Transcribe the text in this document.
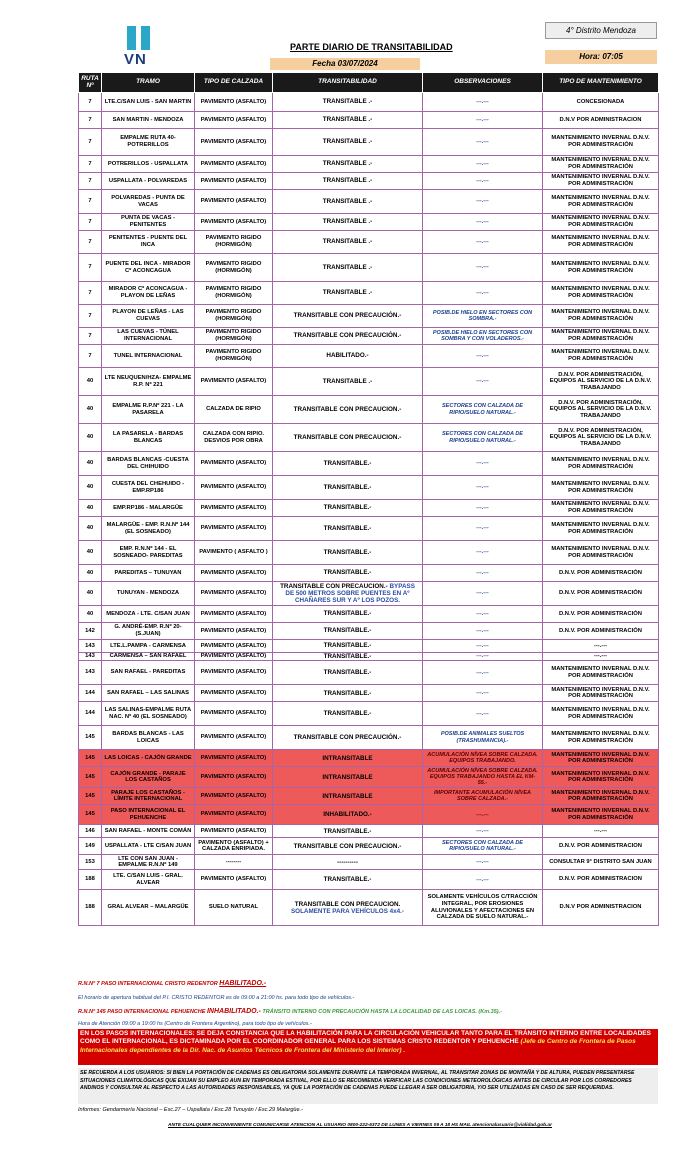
VN
PARTE DIARIO DE TRANSITABILIDAD
4° Distrito Mendoza
Hora: 07:05
Fecha 03/07/2024
RUTA Nº	TRAMO	TIPO DE CALZADA	TRANSITABILIDAD	OBSERVACIONES	TIPO DE MANTENIMIENTO
7	LTE.C/SAN LUIS - SAN MARTIN	PAVIMENTO (ASFALTO)	TRANSITABLE .-	---.---	CONCESIONADA
7	SAN MARTIN - MENDOZA	PAVIMENTO (ASFALTO)	TRANSITABLE .-	---.---	D.N.V POR ADMINISTRACION
7	EMPALME RUTA 40- POTRERILLOS	PAVIMENTO (ASFALTO)	TRANSITABLE .-	---.---	MANTENIMIENTO INVERNAL D.N.V. POR ADMINISTRACIÓN
7	POTRERILLOS - USPALLATA	PAVIMENTO (ASFALTO)	TRANSITABLE .-	---.---	MANTENIMIENTO INVERNAL D.N.V. POR ADMINISTRACIÓN
7	USPALLATA - POLVAREDAS	PAVIMENTO (ASFALTO)	TRANSITABLE .-	---.---	MANTENIMIENTO INVERNAL D.N.V. POR ADMINISTRACIÓN
7	POLVAREDAS - PUNTA DE VACAS	PAVIMENTO (ASFALTO)	TRANSITABLE .-	---.---	MANTENIMIENTO INVERNAL D.N.V. POR ADMINISTRACIÓN
7	PUNTA DE VACAS - PENITENTES	PAVIMENTO (ASFALTO)	TRANSITABLE .-	---.---	MANTENIMIENTO INVERNAL D.N.V. POR ADMINISTRACIÓN
7	PENITENTES - PUENTE DEL INCA	PAVIMENTO RIGIDO (HORMIGÓN)	TRANSITABLE .-	---.---	MANTENIMIENTO INVERNAL D.N.V. POR ADMINISTRACIÓN
7	PUENTE DEL INCA - MIRADOR Cº ACONCAGUA	PAVIMENTO RIGIDO (HORMIGÓN)	TRANSITABLE .-	---.---	MANTENIMIENTO INVERNAL D.N.V. POR ADMINISTRACIÓN
7	MIRADOR Cº ACONCAGUA - PLAYON DE LEÑAS	PAVIMENTO RIGIDO (HORMIGÓN)	TRANSITABLE .-	---.---	MANTENIMIENTO INVERNAL D.N.V. POR ADMINISTRACIÓN
7	PLAYON DE LEÑAS - LAS CUEVAS	PAVIMENTO RIGIDO (HORMIGÓN)	TRANSITABLE CON PRECAUCIÓN.-	POSIB.DE HIELO EN SECTORES CON SOMBRA.-	MANTENIMIENTO INVERNAL D.N.V. POR ADMINISTRACIÓN
7	LAS CUEVAS - TÚNEL INTERNACIONAL	PAVIMENTO RIGIDO (HORMIGÓN)	TRANSITABLE CON PRECAUCIÓN.-	POSIB.DE HIELO EN SECTORES CON SOMBRA Y CON VOLADEROS.-	MANTENIMIENTO INVERNAL D.N.V. POR ADMINISTRACIÓN
7	TUNEL INTERNACIONAL	PAVIMENTO RIGIDO (HORMIGÓN)	HABILITADO.-	---.---	MANTENIMIENTO INVERNAL D.N.V. POR ADMINISTRACIÓN
40	LTE NEUQUEN/HZA- EMPALME R.P. Nº 221	PAVIMENTO (ASFALTO)	TRANSITABLE .-	---.---	D.N.V. POR ADMINISTRACIÓN, EQUIPOS AL SERVICIO DE LA D.N.V. TRABAJANDO
40	EMPALME R.P.Nº 221 - LA PASARELA	CALZADA DE RIPIO	TRANSITABLE CON PRECAUCION.-	SECTORES CON CALZADA DE RIPIO/SUELO NATURAL.-	D.N.V. POR ADMINISTRACIÓN, EQUIPOS AL SERVICIO DE LA D.N.V. TRABAJANDO
40	LA PASARELA - BARDAS BLANCAS	CALZADA CON RIPIO. DESVIOS POR OBRA	TRANSITABLE CON PRECAUCION.-	SECTORES CON CALZADA DE RIPIO/SUELO NATURAL.-	D.N.V. POR ADMINISTRACIÓN, EQUIPOS AL SERVICIO DE LA D.N.V. TRABAJANDO
40	BARDAS BLANCAS -CUESTA DEL CHIHUIDO	PAVIMENTO (ASFALTO)	TRANSITABLE.-	---.---	MANTENIMIENTO INVERNAL D.N.V. POR ADMINISTRACIÓN
40	CUESTA DEL CHEHUIDO - EMP.RP186	PAVIMENTO (ASFALTO)	TRANSITABLE.-	---.---	MANTENIMIENTO INVERNAL D.N.V. POR ADMINISTRACIÓN
40	EMP.RP186 - MALARGÜE	PAVIMENTO (ASFALTO)	TRANSITABLE.-	---.---	MANTENIMIENTO INVERNAL D.N.V. POR ADMINISTRACIÓN
40	MALARGÜE - EMP. R.N.Nº 144 (EL SOSNEADO)	PAVIMENTO (ASFALTO)	TRANSITABLE.-	---.---	MANTENIMIENTO INVERNAL D.N.V. POR ADMINISTRACIÓN
40	EMP. R.N.Nº 144 - EL SOSNEADO- PAREDITAS	PAVIMENTO ( ASFALTO )	TRANSITABLE.-	---.---	MANTENIMIENTO INVERNAL D.N.V. POR ADMINISTRACIÓN
40	PAREDITAS – TUNUYAN	PAVIMENTO (ASFALTO)	TRANSITABLE.-	---.---	D.N.V. POR ADMINISTRACIÓN
40	TUNUYAN - MENDOZA	PAVIMENTO (ASFALTO)	TRANSITABLE CON PRECAUCION.- BYPASS DE 500 METROS SOBRE PUENTES EN Aº CHAÑARES SUR Y Aº LOS POZOS.	---.---	D.N.V. POR ADMINISTRACIÓN
40	MENDOZA - LTE. C/SAN JUAN	PAVIMENTO (ASFALTO)	TRANSITABLE.-	---.---	D.N.V. POR ADMINISTRACIÓN
142	G. ANDRÉ-EMP. R.Nº 20- (S.JUAN)	PAVIMENTO (ASFALTO)	TRANSITABLE.-	---.---	D.N.V. POR ADMINISTRACIÓN
143	LTE.L.PAMPA - CARMENSA	PAVIMENTO (ASFALTO)	TRANSITABLE.-	---.---	---.---
143	CARMENSA – SAN RAFAEL	PAVIMENTO (ASFALTO)	TRANSITABLE.-	---.---	---.---
143	SAN RAFAEL - PAREDITAS	PAVIMENTO (ASFALTO)	TRANSITABLE.-	---.---	MANTENIMIENTO INVERNAL D.N.V. POR ADMINISTRACIÓN
144	SAN RAFAEL – LAS SALINAS	PAVIMENTO (ASFALTO)	TRANSITABLE.-	---.---	MANTENIMIENTO INVERNAL D.N.V. POR ADMINISTRACIÓN
144	LAS SALINAS-EMPALME RUTA NAC. Nº 40 (EL SOSNEADO)	PAVIMENTO (ASFALTO)	TRANSITABLE.-	---.---	MANTENIMIENTO INVERNAL D.N.V. POR ADMINISTRACIÓN
145	BARDAS BLANCAS - LAS LOICAS	PAVIMENTO (ASFALTO)	TRANSITABLE CON PRECAUCIÓN.-	POSIB.DE ANIMALES SUELTOS (TRASHUMANCIA).-	MANTENIMIENTO INVERNAL D.N.V. POR ADMINISTRACIÓN
145	LAS LOICAS - CAJÓN GRANDE	PAVIMENTO (ASFALTO)	INTRANSITABLE	ACUMULACIÓN NÍVEA SOBRE CALZADA. EQUIPOS TRABAJANDO.	MANTENIMIENTO INVERNAL D.N.V. POR ADMINISTRACIÓN
145	CAJÓN GRANDE - PARAJE LOS CASTAÑOS	PAVIMENTO (ASFALTO)	INTRANSITABLE	ACUMULACIÓN NÍVEA SOBRE CALZADA. EQUIPOS TRABAJANDO HASTA EL KM- 55.-	MANTENIMIENTO INVERNAL D.N.V. POR ADMINISTRACIÓN
145	PARAJE LOS CASTAÑOS - LÍMITE INTERNACIONAL	PAVIMENTO (ASFALTO)	INTRANSITABLE	IMPORTANTE ACUMULACIÓN NÍVEA SOBRE CALZADA.-	MANTENIMIENTO INVERNAL D.N.V. POR ADMINISTRACIÓN
145	PASO INTERNACIONAL EL PEHUENCHE	PAVIMENTO (ASFALTO)	INHABILITADO.-	---.---	MANTENIMIENTO INVERNAL D.N.V. POR ADMINISTRACIÓN
146	SAN RAFAEL - MONTE COMÁN	PAVIMENTO (ASFALTO)	TRANSITABLE.-	---.---	---.---
149	USPALLATA - LTE C/SAN JUAN	PAVIMENTO (ASFALTO) + CALZADA ENRIPIADA.	TRANSITABLE CON PRECAUCION.-	SECTORES CON CALZADA DE RIPIO/SUELO NATURAL.-	D.N.V. POR ADMINISTRACION
153	LTE CON SAN JUAN - EMPALME R.N.Nº 149	--------	----------	---.---	CONSULTAR 9° DISTRITO SAN JUAN
188	LTE. C/SAN LUIS - GRAL. ALVEAR	PAVIMENTO (ASFALTO)	TRANSITABLE.-	---.---	D.N.V. POR ADMINISTRACION
188	GRAL ALVEAR – MALARGÜE	SUELO NATURAL	TRANSITABLE CON PRECAUCION. SOLAMENTE PARA VEHÍCULOS 4x4.-	SOLAMENTE VEHÍCULOS C/TRACCIÓN INTEGRAL, POR EROSIONES ALUVIONALES Y AFECTACIONES EN CALZADA DE SUELO NATURAL.-	D.N.V POR ADMINISTRACION
R.N.Nº 7 PASO INTERNACIONAL CRISTO REDENTOR HABILITADO.-
El horario de apertura habitual del P.I. CRISTO REDENTOR es de 09:00 a 21:00 hs. para todo tipo de vehículos.-
R.N.Nº 145 PASO INTERNACIONAL PEHUENCHE INHABILITADO.- TRÁNSITO INTERNO CON PRECAUCIÓN HASTA LA LOCALIDAD DE LAS LOICAS. (Km.35).-
Hora de Atención 09:00 a 19:00 hs (Centro de Frontera Argentino), para todo tipo de vehículos.-
EN LOS PASOS INTERNACIONALES: SE DEJA CONSTANCIA QUE LA HABILITACIÓN PARA LA CIRCULACIÓN VEHICULAR TANTO PARA EL TRÁNSITO INTERNO ENTRE LOCALIDADES COMO EL INTERNACIONAL, ES DICTAMINADA POR EL COORDINADOR GENERAL PARA LOS SISTEMAS CRISTO REDENTOR Y PEHUENCHE (Jefe de Centro de Frontera de Pasos Internacionales dependientes de la Dir. Nac. de Asuntos Técnicos de Frontera del Ministerio del Interior) .
SE RECUERDA A LOS USUARIOS: SI BIEN LA PORTACIÓN DE CADENAS ES OBLIGATORIA SOLAMENTE DURANTE LA TEMPORADA INVERNAL, AL TRANSITAR ZONAS DE MONTAÑA Y DE ALTURA, PUEDEN PRESENTARSE SITUACIONES CLIMATOLÓGICAS QUE EXIJAN SU EMPLEO AUN EN TEMPORADA ESTIVAL, POR ELLO SE RECOMIENDA VERIFICAR LAS CONDICIONES METEOROLÓGICAS ANTES DE CIRCULAR POR LOS CORREDORES ANDINOS Y CONSULTAR AL RESPECTO A LAS AUTORIDADES RESPONSABLES, YA QUE LA PORTACIÓN DE CADENAS PUEDE LLEGAR A SER OBLIGATORIA, Y/O SER UTILIZADAS EN CASO DE SER REQUERIDAS.
Informes: Gendarmería Nacional – Esc.27 – Uspallata / Esc.28 Tunuyán / Esc.29 Malargüe.-
ANTE CUALQUIER INCONVENIENTE COMUNICARSE ATENCION AL USUARIO 0800-222-6372 DE LUNES A VIERNES 09 A 18 HS MAIL atencionalusuario@vialidad.gob.ar
